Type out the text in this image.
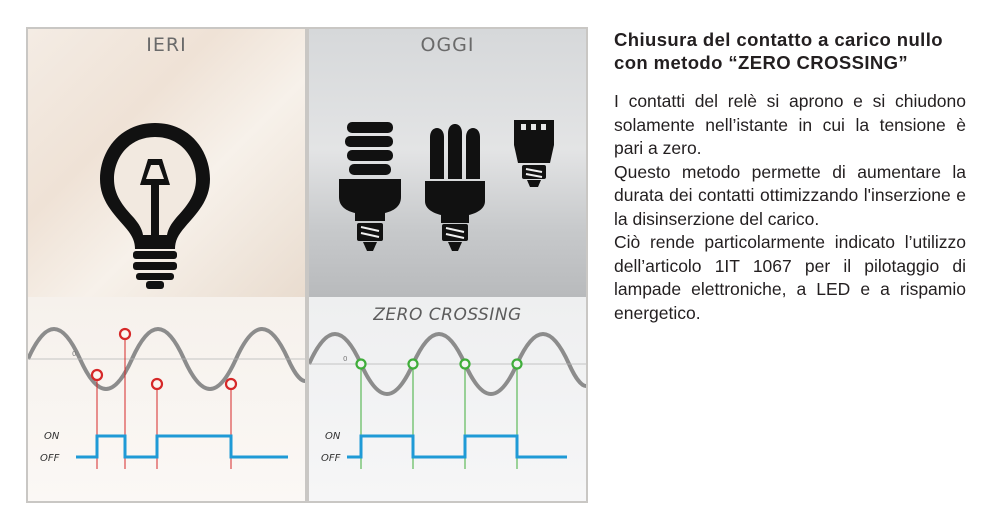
IERI
0
ON
OFF
OGGI
ZERO CROSSING
0
ON
OFF

Chiusura del contatto a carico nullo
con metodo “ZERO CROSSING”

I contatti del relè si aprono e si chiudono solamente nell’istante in cui la tensione è pari a zero.

Questo metodo permette di aumentare la durata dei contatti ottimizzando l'inserzione e la disinserzione del carico.

Ciò rende particolarmente indicato l’utilizzo dell’articolo 1IT 1067 per il pilotaggio di lampade elettroniche, a LED e a rispamio energetico.
